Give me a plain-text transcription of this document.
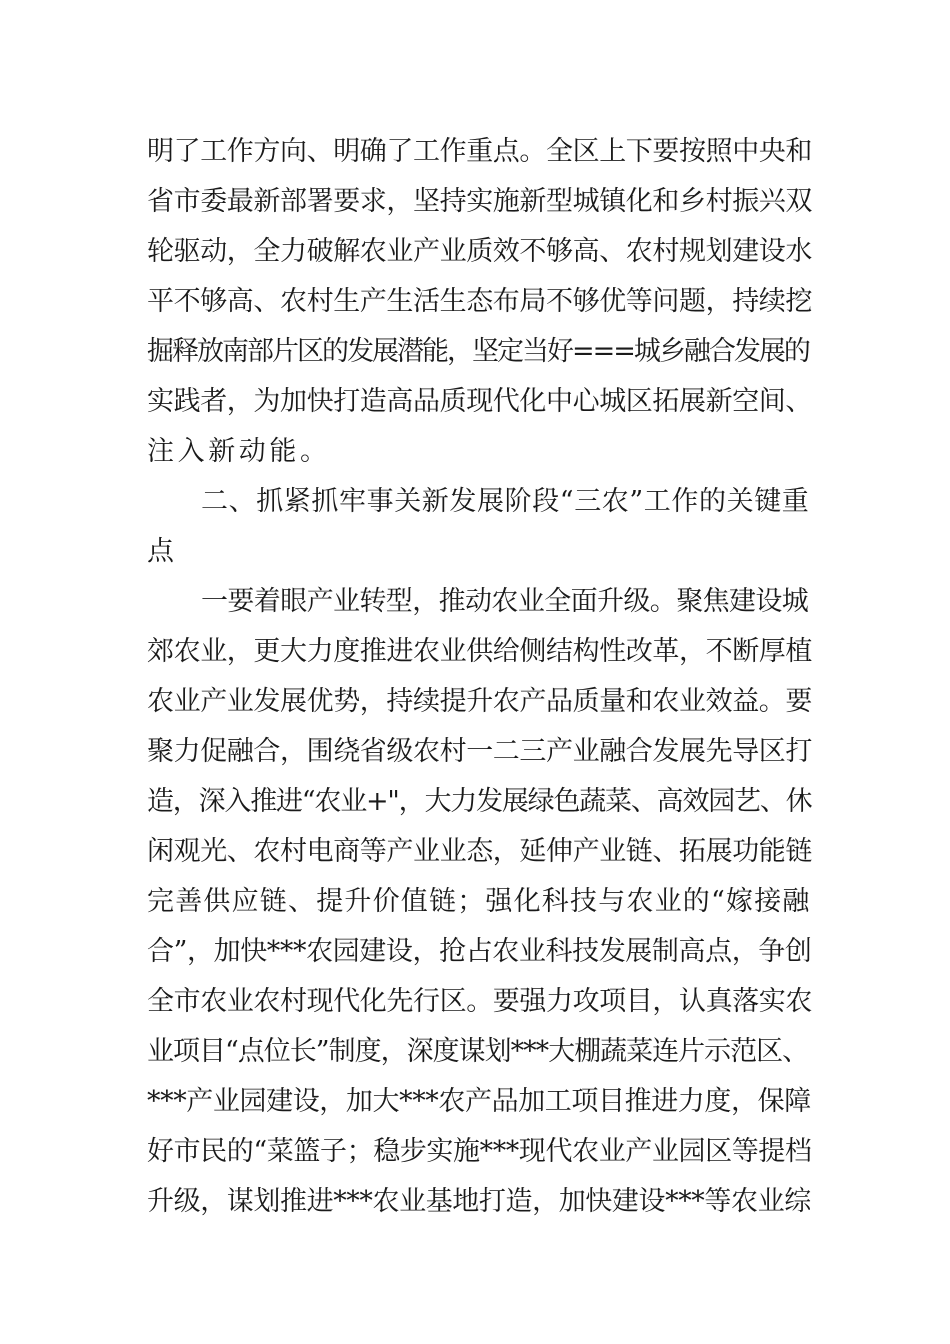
明了工作方向、明确了工作重点。全区上下要按照中央和
省市委最新部署要求，坚持实施新型城镇化和乡村振兴双
轮驱动，全力破解农业产业质效不够高、农村规划建设水
平不够高、农村生产生活生态布局不够优等问题，持续挖
掘释放南部片区的发展潜能，坚定当好===城乡融合发展的
实践者，为加快打造高品质现代化中心城区拓展新空间、
注入新动能。
二、抓紧抓牢事关新发展阶段“三农”工作的关键重
点
一要着眼产业转型，推动农业全面升级。聚焦建设城
郊农业，更大力度推进农业供给侧结构性改革，不断厚植
农业产业发展优势，持续提升农产品质量和农业效益。要
聚力促融合，围绕省级农村一二三产业融合发展先导区打
造，深入推进“农业+"，大力发展绿色蔬菜、高效园艺、休
闲观光、农村电商等产业业态，延伸产业链、拓展功能链
完善供应链、提升价值链；强化科技与农业的“嫁接融
合”，加快***农园建设，抢占农业科技发展制高点，争创
全市农业农村现代化先行区。要强力攻项目，认真落实农
业项目“点位长”制度，深度谋划***大棚蔬菜连片示范区、
***产业园建设，加大***农产品加工项目推进力度，保障
好市民的“菜篮子；稳步实施***现代农业产业园区等提档
升级，谋划推进***农业基地打造，加快建设***等农业综
